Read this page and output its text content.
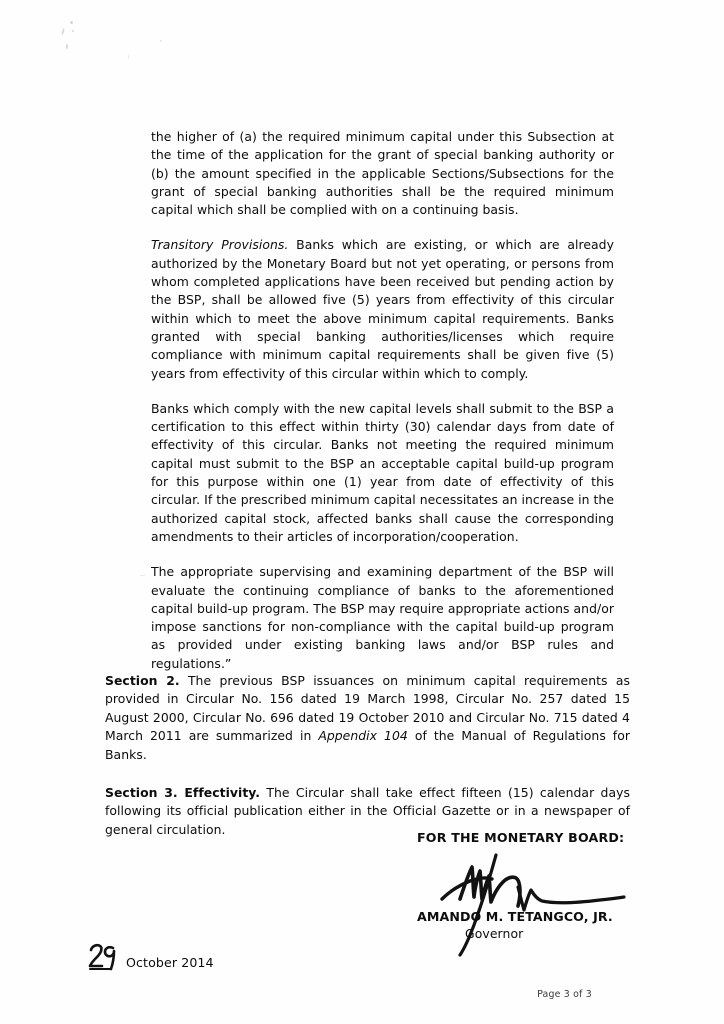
the higher of (a) the required minimum capital under this Subsection at the time of the application for the grant of special banking authority or (b) the amount specified in the applicable Sections/Subsections for the grant of special banking authorities shall be the required minimum capital which shall be complied with on a continuing basis.

Transitory Provisions. Banks which are existing, or which are already authorized by the Monetary Board but not yet operating, or persons from whom completed applications have been received but pending action by the BSP, shall be allowed five (5) years from effectivity of this circular within which to meet the above minimum capital requirements. Banks granted with special banking authorities/licenses which require compliance with minimum capital requirements shall be given five (5) years from effectivity of this circular within which to comply.

Banks which comply with the new capital levels shall submit to the BSP a certification to this effect within thirty (30) calendar days from date of effectivity of this circular. Banks not meeting the required minimum capital must submit to the BSP an acceptable capital build-up program for this purpose within one (1) year from date of effectivity of this circular. If the prescribed minimum capital necessitates an increase in the authorized capital stock, affected banks shall cause the corresponding amendments to their articles of incorporation/cooperation.

The appropriate supervising and examining department of the BSP will evaluate the continuing compliance of banks to the aforementioned capital build-up program. The BSP may require appropriate actions and/or impose sanctions for non-compliance with the capital build-up program as provided under existing banking laws and/or BSP rules and regulations.”

Section 2. The previous BSP issuances on minimum capital requirements as provided in Circular No. 156 dated 19 March 1998, Circular No. 257 dated 15 August 2000, Circular No. 696 dated 19 October 2010 and Circular No. 715 dated 4 March 2011 are summarized in Appendix 104 of the Manual of Regulations for Banks.

Section 3. Effectivity. The Circular shall take effect fifteen (15) calendar days following its official publication either in the Official Gazette or in a newspaper of general circulation.

FOR THE MONETARY BOARD:

AMANDO M. TETANGCO, JR.

Governor

October 2014
Page 3 of 3
